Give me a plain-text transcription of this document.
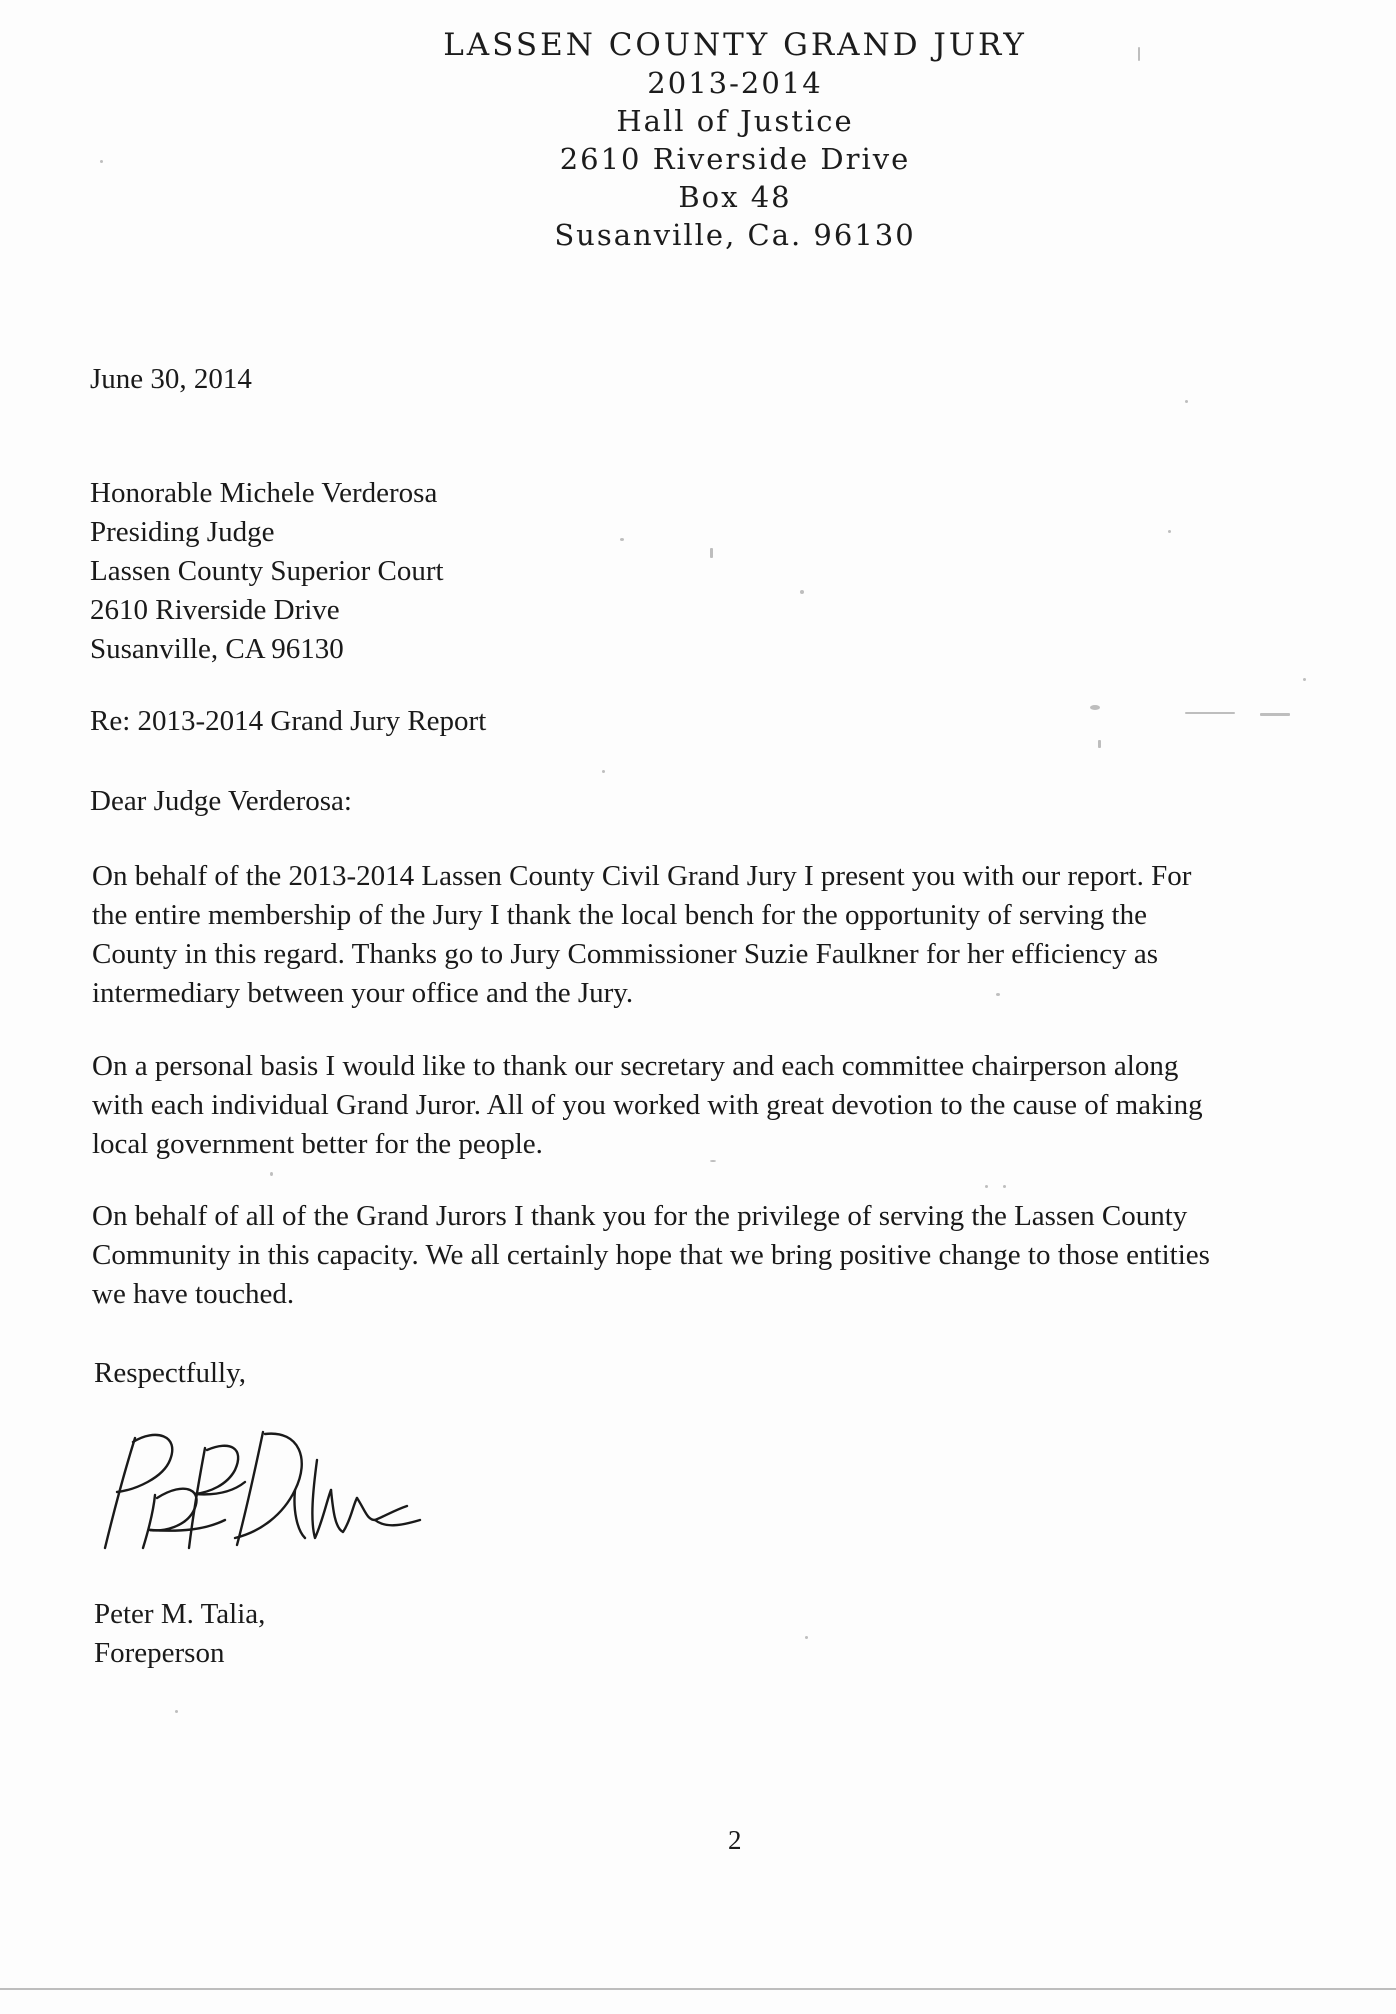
LASSEN COUNTY GRAND JURY
2013-2014
Hall of Justice
2610 Riverside Drive
Box 48
Susanville, Ca. 96130
June 30, 2014
Honorable Michele Verderosa
Presiding Judge
Lassen County Superior Court
2610 Riverside Drive
Susanville, CA 96130
Re: 2013-2014 Grand Jury Report
Dear Judge Verderosa:
On behalf of the 2013-2014 Lassen County Civil Grand Jury I present you with our report. For
the entire membership of the Jury I thank the local bench for the opportunity of serving the
County in this regard. Thanks go to Jury Commissioner Suzie Faulkner for her efficiency as
intermediary between your office and the Jury.
On a personal basis I would like to thank our secretary and each committee chairperson along
with each individual Grand Juror. All of you worked with great devotion to the cause of making
local government better for the people.
On behalf of all of the Grand Jurors I thank you for the privilege of serving the Lassen County
Community in this capacity. We all certainly hope that we bring positive change to those entities
we have touched.
Respectfully,
Peter M. Talia,
Foreperson
2
